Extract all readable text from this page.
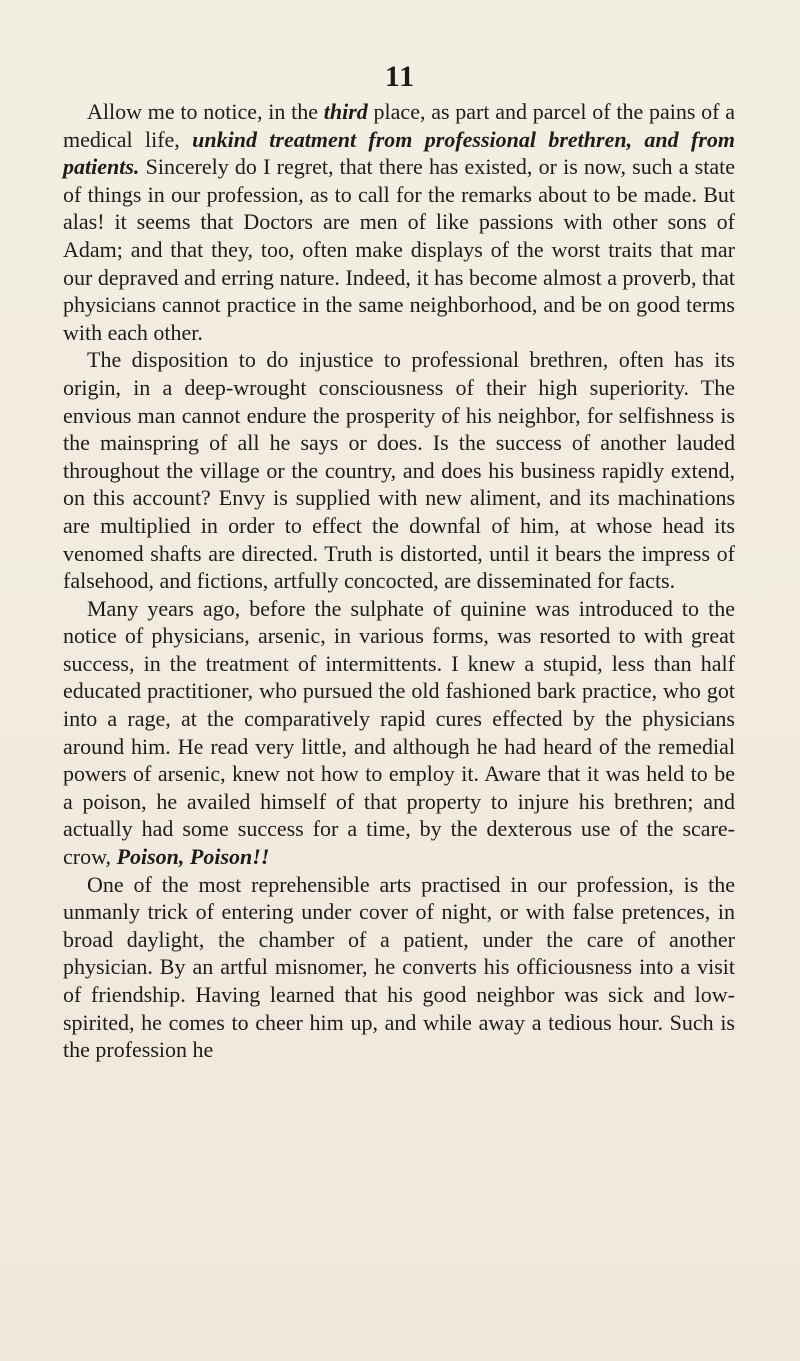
11

Allow me to notice, in the third place, as part and parcel of the pains of a medical life, unkind treatment from professional brethren, and from patients. Sincerely do I regret, that there has existed, or is now, such a state of things in our profession, as to call for the remarks about to be made. But alas! it seems that Doctors are men of like passions with other sons of Adam; and that they, too, often make displays of the worst traits that mar our depraved and erring nature. Indeed, it has become almost a proverb, that physicians cannot practice in the same neighborhood, and be on good terms with each other.

The disposition to do injustice to professional brethren, often has its origin, in a deep-wrought consciousness of their high superiority. The envious man cannot endure the prosperity of his neighbor, for selfishness is the mainspring of all he says or does. Is the success of another lauded throughout the village or the country, and does his business rapidly extend, on this account? Envy is supplied with new aliment, and its machinations are multiplied in order to effect the downfal of him, at whose head its venomed shafts are directed. Truth is distorted, until it bears the impress of falsehood, and fictions, artfully concocted, are disseminated for facts.

Many years ago, before the sulphate of quinine was introduced to the notice of physicians, arsenic, in various forms, was resorted to with great success, in the treatment of intermittents. I knew a stupid, less than half educated practitioner, who pursued the old fashioned bark practice, who got into a rage, at the comparatively rapid cures effected by the physicians around him. He read very little, and although he had heard of the remedial powers of arsenic, knew not how to employ it. Aware that it was held to be a poison, he availed himself of that property to injure his brethren; and actually had some success for a time, by the dexterous use of the scare-crow, Poison, Poison!!

One of the most reprehensible arts practised in our profession, is the unmanly trick of entering under cover of night, or with false pretences, in broad daylight, the chamber of a patient, under the care of another physician. By an artful misnomer, he converts his officiousness into a visit of friendship. Having learned that his good neighbor was sick and low-spirited, he comes to cheer him up, and while away a tedious hour. Such is the profession he
